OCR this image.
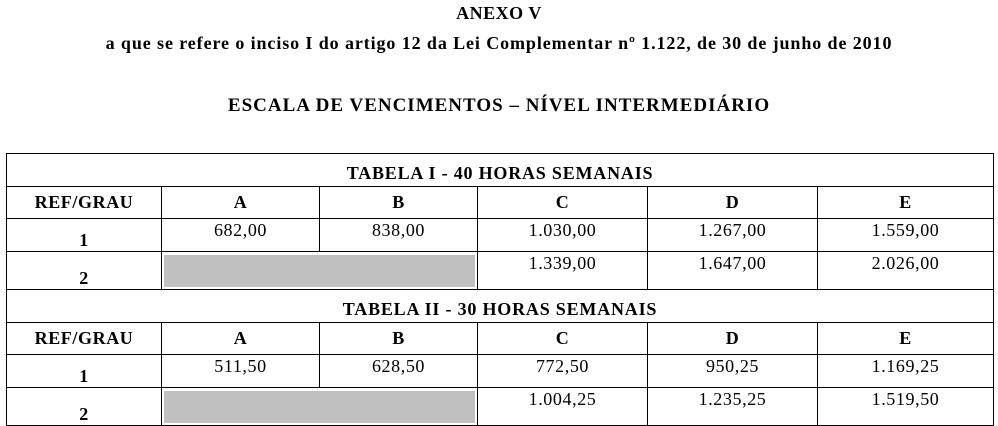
ANEXO V
a que se refere o inciso I do artigo 12 da Lei Complementar nº 1.122, de 30 de junho de 2010
ESCALA DE VENCIMENTOS – NÍVEL INTERMEDIÁRIO
TABELA I - 40 HORAS SEMANAIS					
REF/GRAU	A	B	C	D	E
1	682,00	838,00	1.030,00	1.267,00	1.559,00
2			1.339,00	1.647,00	2.026,00
TABELA II - 30 HORAS SEMANAIS					
REF/GRAU	A	B	C	D	E
1	511,50	628,50	772,50	950,25	1.169,25
2			1.004,25	1.235,25	1.519,50
